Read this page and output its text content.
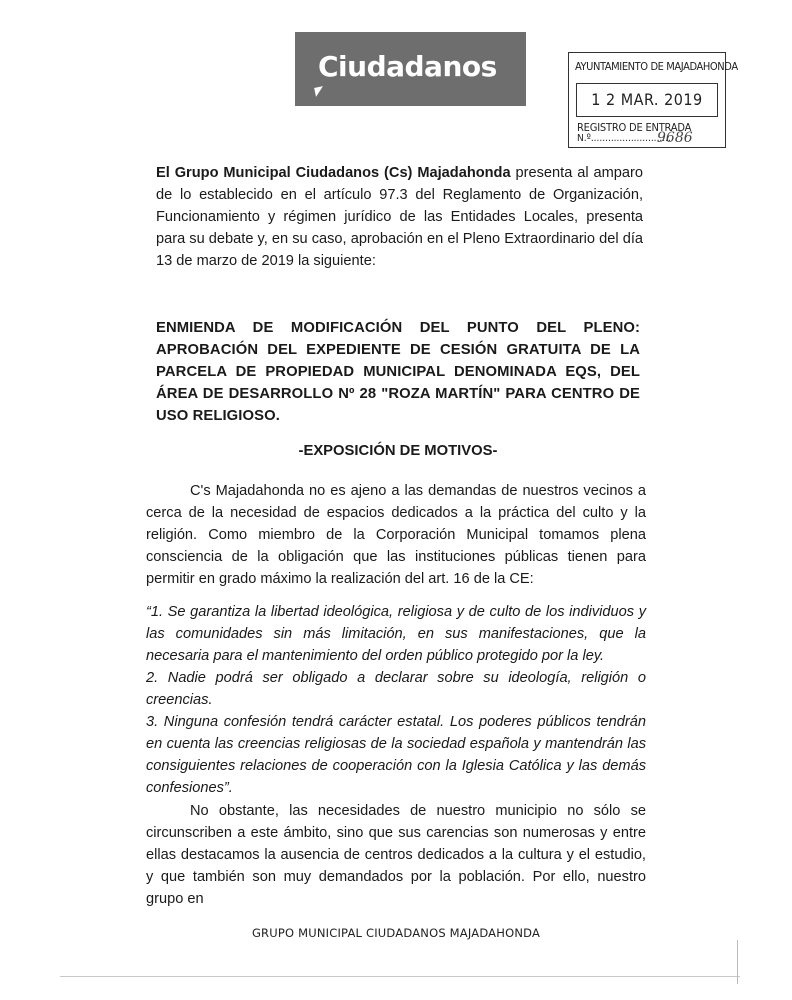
Ciudadanos	AYUNTAMIENTO DE MAJADAHONDA
1 2 MAR. 2019
REGISTRO DE ENTRADA
N.º............................
9686

El Grupo Municipal Ciudadanos (Cs) Majadahonda presenta al amparo de lo establecido en el artículo 97.3 del Reglamento de Organización, Funcionamiento y régimen jurídico de las Entidades Locales, presenta para su debate y, en su caso, aprobación en el Pleno Extraordinario del día 13 de marzo de 2019 la siguiente:

ENMIENDA DE MODIFICACIÓN DEL PUNTO DEL PLENO: APROBACIÓN DEL EXPEDIENTE DE CESIÓN GRATUITA DE LA PARCELA DE PROPIEDAD MUNICIPAL DENOMINADA EQS, DEL ÁREA DE DESARROLLO Nº 28 "ROZA MARTÍN" PARA CENTRO DE USO RELIGIOSO.
-EXPOSICIÓN DE MOTIVOS-

C's Majadahonda no es ajeno a las demandas de nuestros vecinos a cerca de la necesidad de espacios dedicados a la práctica del culto y la religión. Como miembro de la Corporación Municipal tomamos plena consciencia de la obligación que las instituciones públicas tienen para permitir en grado máximo la realización del art. 16 de la CE:

“1. Se garantiza la libertad ideológica, religiosa y de culto de los individuos y las comunidades sin más limitación, en sus manifestaciones, que la necesaria para el mantenimiento del orden público protegido por la ley.

2. Nadie podrá ser obligado a declarar sobre su ideología, religión o creencias.

3. Ninguna confesión tendrá carácter estatal. Los poderes públicos tendrán en cuenta las creencias religiosas de la sociedad española y mantendrán las consiguientes relaciones de cooperación con la Iglesia Católica y las demás confesiones”.

No obstante, las necesidades de nuestro municipio no sólo se circunscriben a este ámbito, sino que sus carencias son numerosas y entre ellas destacamos la ausencia de centros dedicados a la cultura y el estudio, y que también son muy demandados por la población. Por ello, nuestro grupo en

GRUPO MUNICIPAL CIUDADANOS MAJADAHONDA
